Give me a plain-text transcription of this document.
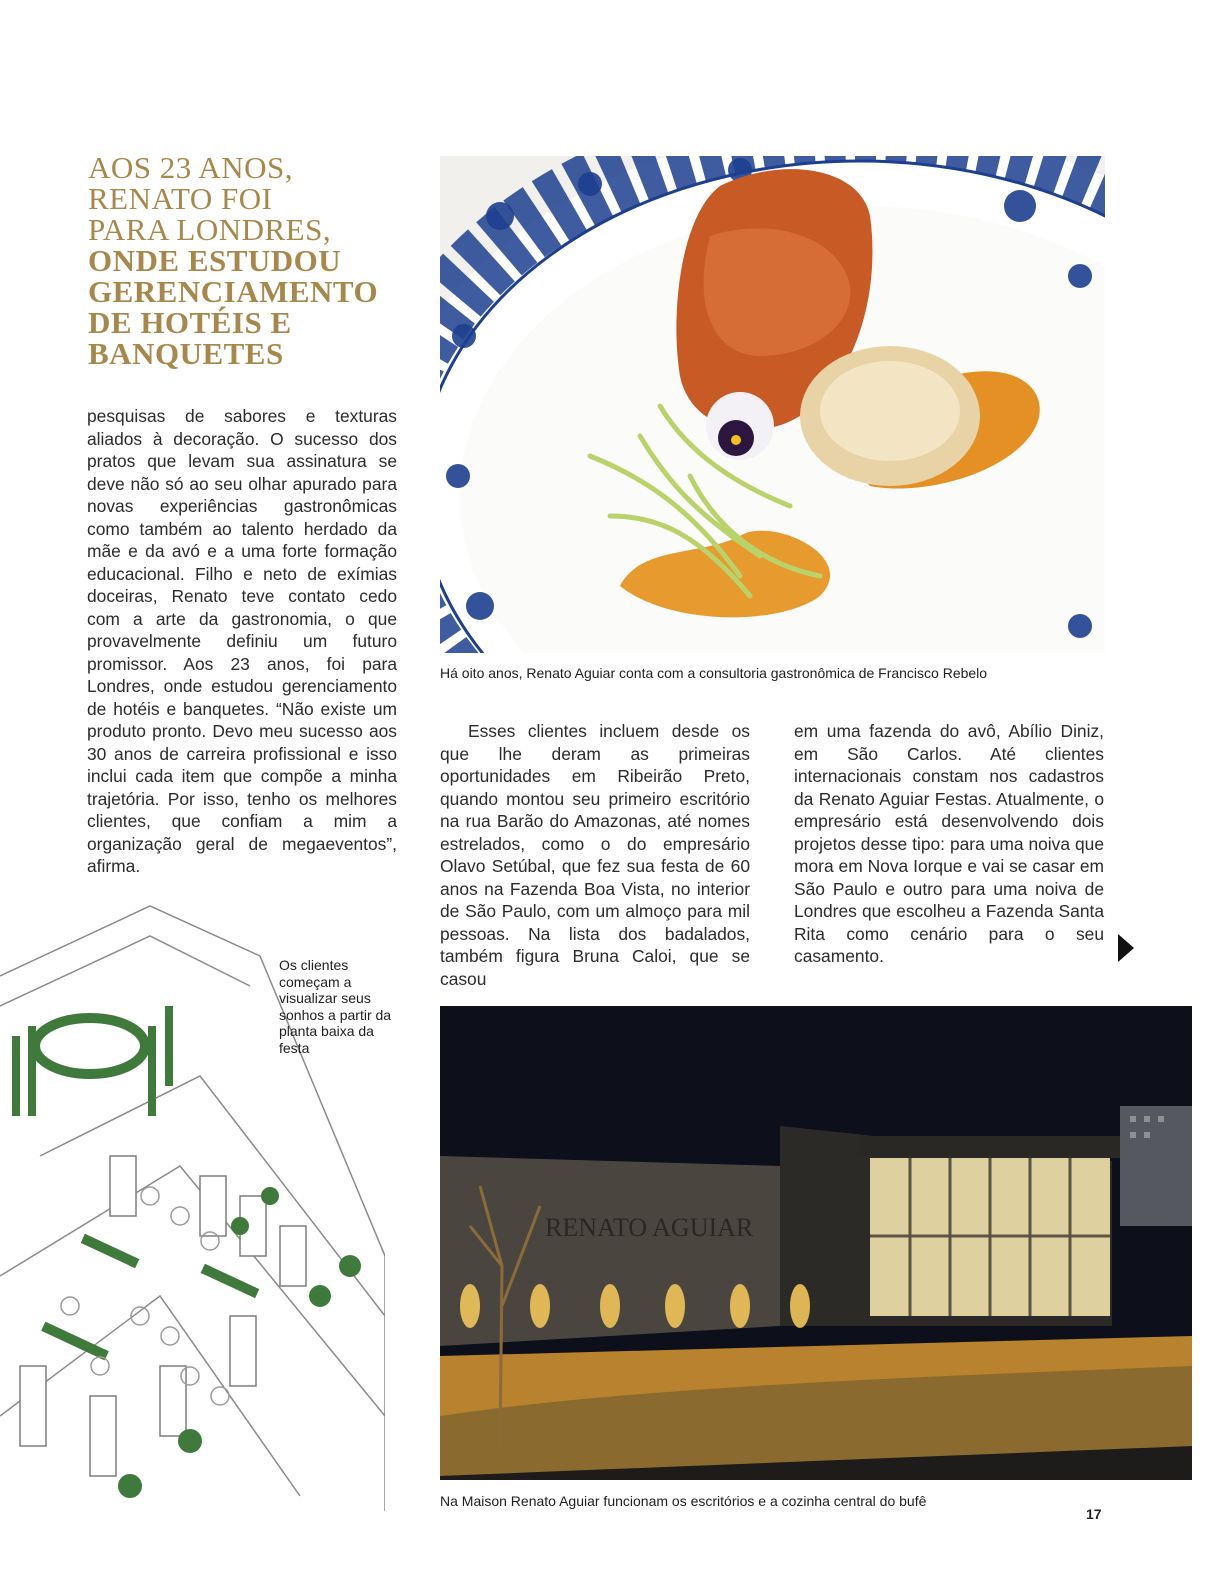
AOS 23 ANOS,
RENATO FOI
PARA LONDRES,
ONDE ESTUDOU
GERENCIAMENTO
DE HOTÉIS E
BANQUETES

pesquisas de sabores e texturas aliados à decoração. O sucesso dos pratos que levam sua assinatura se deve não só ao seu olhar apurado para novas experiências gastronômicas como também ao talento herdado da mãe e da avó e a uma forte formação educacional. Filho e neto de exímias doceiras, Renato teve contato cedo com a arte da gastronomia, o que provavelmente definiu um futuro promissor. Aos 23 anos, foi para Londres, onde estudou gerenciamento de hotéis e banquetes. “Não existe um produto pronto. Devo meu sucesso aos 30 anos de carreira profissional e isso inclui cada item que compõe a minha trajetória. Por isso, tenho os melhores clientes, que confiam a mim a organização geral de megaeventos”, afirma.

Esses clientes incluem desde os que lhe deram as primeiras oportunidades em Ribeirão Preto, quando montou seu primeiro escritório na rua Barão do Amazonas, até nomes estrelados, como o do empresário Olavo Setúbal, que fez sua festa de 60 anos na Fazenda Boa Vista, no interior de São Paulo, com um almoço para mil pessoas. Na lista dos badalados, também figura Bruna Caloi, que se casou

em uma fazenda do avô, Abílio Diniz, em São Carlos. Até clientes internacionais constam nos cadastros da Renato Aguiar Festas. Atualmente, o empresário está desenvolvendo dois projetos desse tipo: para uma noiva que mora em Nova Iorque e vai se casar em São Paulo e outro para uma noiva de Londres que escolheu a Fazenda Santa Rita como cenário para o seu casamento.

Há oito anos, Renato Aguiar conta com a consultoria gastronômica de Francisco Rebelo

Os clientes começam a visualizar seus sonhos a partir da planta baixa da festa

RENATO AGUIAR

Na Maison Renato Aguiar funcionam os escritórios e a cozinha central do bufê

17
